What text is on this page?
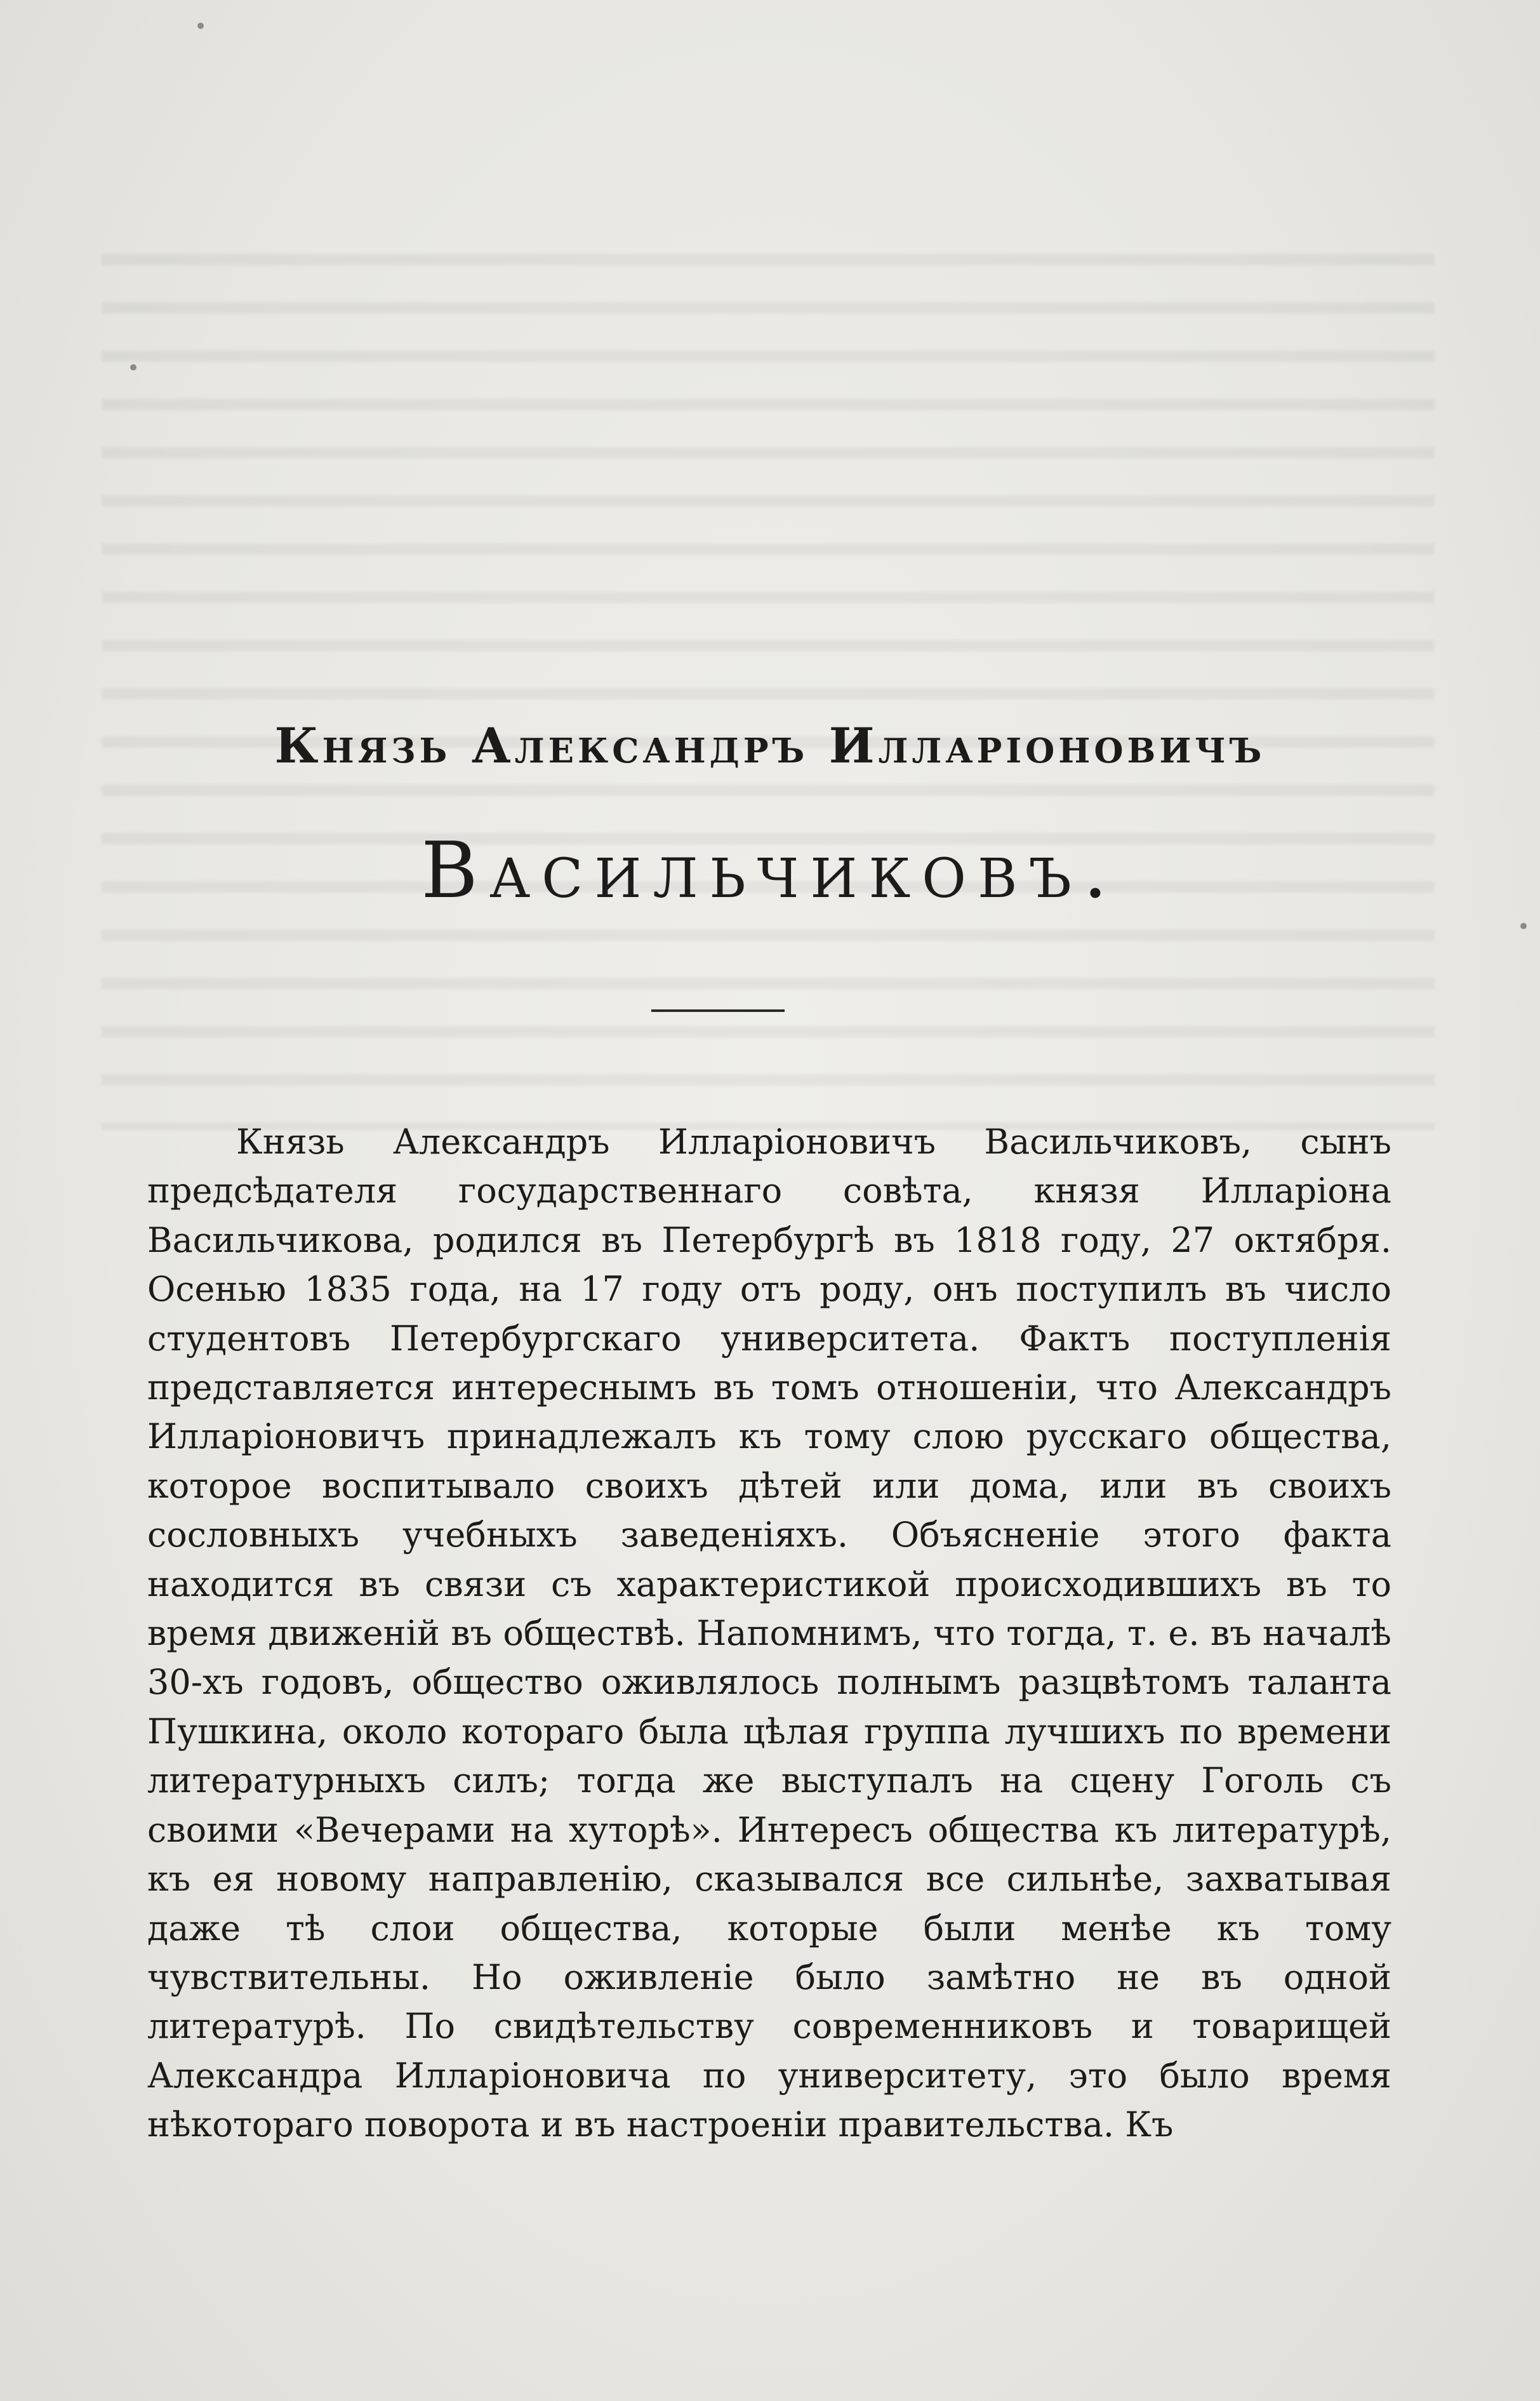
•
•
•
Князь Александръ Илларіоновичъ
Васильчиковъ.

Князь Александръ Илларіоновичъ Васильчиковъ, сынъ предсѣдателя государственнаго совѣта, князя Илларіона Васильчикова, родился въ Петербургѣ въ 1818 году, 27 октября. Осенью 1835 года, на 17 году отъ роду, онъ поступилъ въ число студентовъ Петербургскаго университета. Фактъ поступленія представляется интереснымъ въ томъ отношеніи, что Александръ Илларіоновичъ принадлежалъ къ тому слою русскаго общества, которое воспитывало своихъ дѣтей или дома, или въ своихъ сословныхъ учебныхъ заведеніяхъ. Объясненіе этого факта находится въ связи съ характеристикой происходившихъ въ то время движеній въ обществѣ. Напомнимъ, что тогда, т. е. въ началѣ 30-хъ годовъ, общество оживлялось полнымъ разцвѣтомъ таланта Пушкина, около котораго была цѣлая группа лучшихъ по времени литературныхъ силъ; тогда же выступалъ на сцену Гоголь съ своими «Вечерами на хуторѣ». Интересъ общества къ литературѣ, къ ея новому направленію, сказывался все сильнѣе, захватывая даже тѣ слои общества, которые были менѣе къ тому чувствительны. Но оживленіе было замѣтно не въ одной литературѣ. По свидѣтельству современниковъ и товарищей Александра Илларіоновича по университету, это было время нѣкотораго поворота и въ настроеніи правительства. Къ
